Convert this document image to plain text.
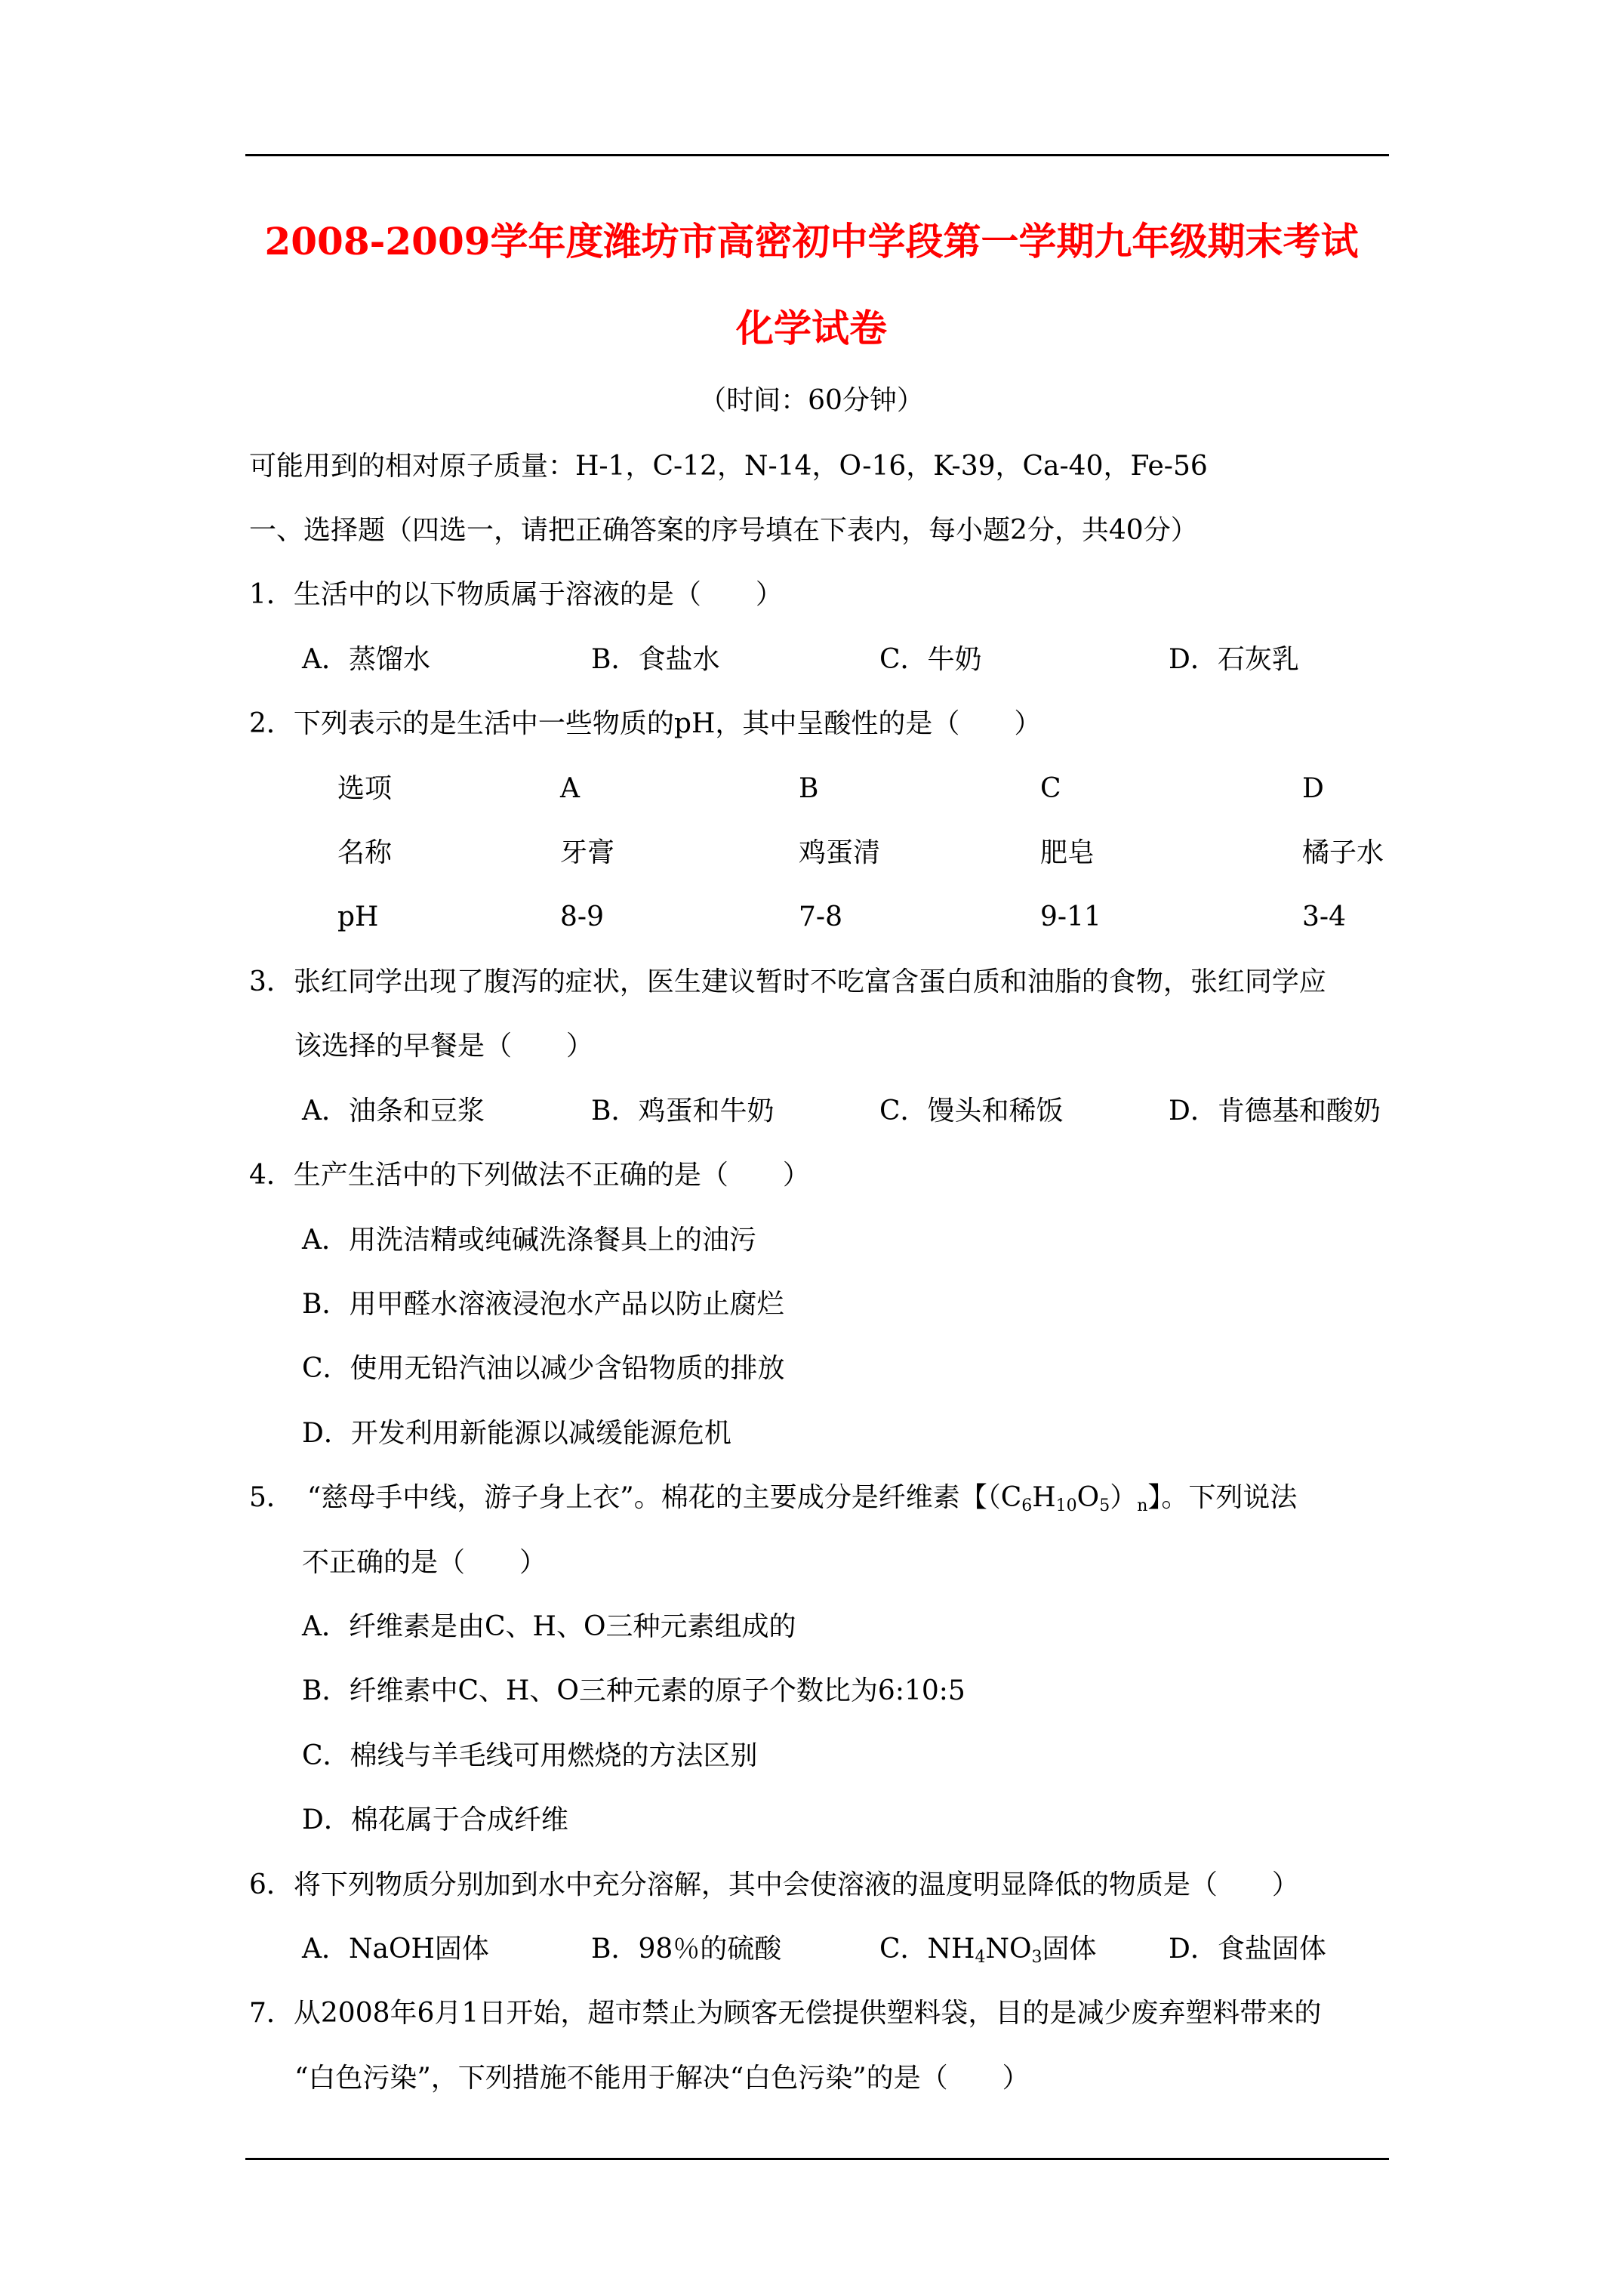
2008-2009学年度潍坊市高密初中学段第一学期九年级期末考试
化学试卷
（时间：60分钟）
可能用到的相对原子质量：H-1，C-12，N-14，O-16，K-39，Ca-40，Fe-56
一、选择题（四选一，请把正确答案的序号填在下表内，每小题2分，共40分）
1．生活中的以下物质属于溶液的是（　　）
A．蒸馏水	B．食盐水	C．牛奶	D．石灰乳
2．下列表示的是生活中一些物质的pH，其中呈酸性的是（　　）
选项	A	B	C	D
名称	牙膏	鸡蛋清	肥皂	橘子水
pH	8-9	7-8	9-11	3-4
3．张红同学出现了腹泻的症状，医生建议暂时不吃富含蛋白质和油脂的食物，张红同学应
该选择的早餐是（　　）
A．油条和豆浆	B．鸡蛋和牛奶	C．馒头和稀饭	D．肯德基和酸奶
4．生产生活中的下列做法不正确的是（　　）
A．用洗洁精或纯碱洗涤餐具上的油污
B．用甲醛水溶液浸泡水产品以防止腐烂
C．使用无铅汽油以减少含铅物质的排放
D．开发利用新能源以减缓能源危机
5．　“慈母手中线，游子身上衣”。棉花的主要成分是纤维素【$(C_6H_{10}O_5)_n$】。下列说法
不正确的是（　　）
A．纤维素是由C、H、O三种元素组成的
B．纤维素中C、H、O三种元素的原子个数比为6:10:5
C．棉线与羊毛线可用燃烧的方法区别
D．棉花属于合成纤维
6．将下列物质分别加到水中充分溶解，其中会使溶液的温度明显降低的物质是（　　）
A．NaOH固体	B．98％的硫酸	C．$NH_4NO_3$固体	D．食盐固体
7．从2008年6月1日开始，超市禁止为顾客无偿提供塑料袋，目的是减少废弃塑料带来的
“白色污染”，下列措施不能用于解决“白色污染”的是（　　）
